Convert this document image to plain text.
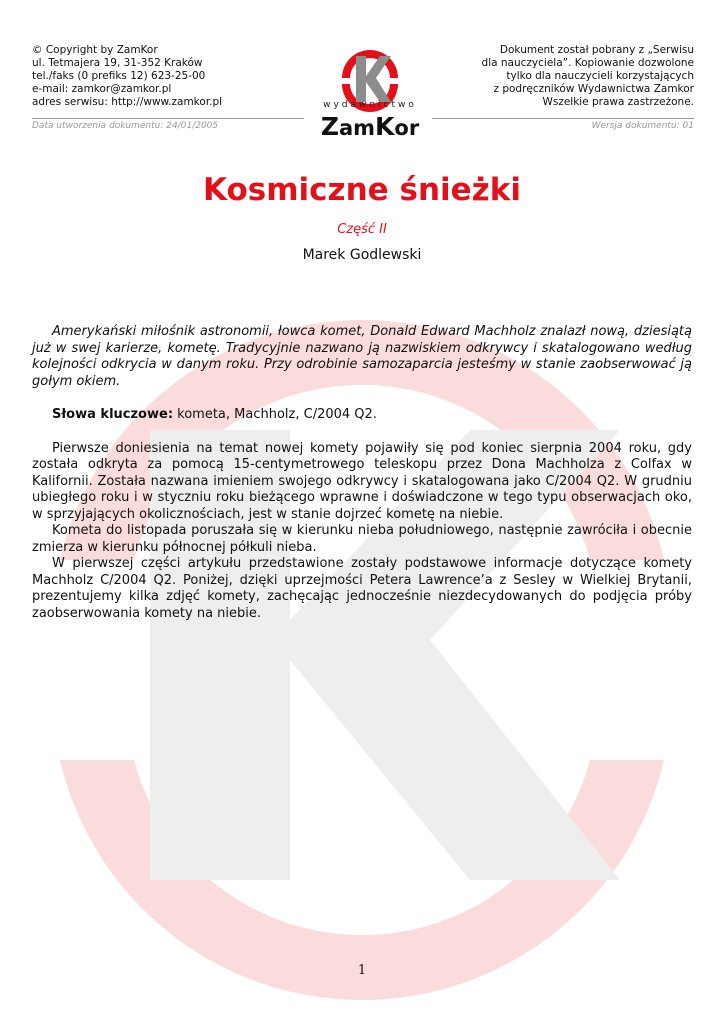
© Copyright by ZamKor
ul. Tetmajera 19, 31-352 Kraków
tel./faks (0 prefiks 12) 623-25-00
e-mail: zamkor@zamkor.pl
adres serwisu: http://www.zamkor.pl	wydawnictwo
ZamKor
Dokument został pobrany z „Serwisu
dla nauczyciela”. Kopiowanie dozwolone
tylko dla nauczycieli korzystających
z podręczników Wydawnictwa Zamkor
Wszelkie prawa zastrzeżone.
Data utworzenia dokumentu: 24/01/2005	Wersja dokumentu: 01
Kosmiczne śnieżki
Część II
Marek Godlewski

Amerykański miłośnik astronomii, łowca komet, Donald Edward Machholz znalazł nową, dziesiątą już w swej karierze, kometę. Tradycyjnie nazwano ją nazwiskiem odkrywcy i skatalogowano według kolejności odkrycia w danym roku. Przy odrobinie samozaparcia jesteśmy w stanie zaobserwować ją gołym okiem.

Słowa kluczowe: kometa, Machholz, C/2004 Q2.

Pierwsze doniesienia na temat nowej komety pojawiły się pod koniec sierpnia 2004 roku, gdy została odkryta za pomocą 15-centymetrowego teleskopu przez Dona Machholza z Colfax w Kalifornii. Została nazwana imieniem swojego odkrywcy i skatalogowana jako C/2004 Q2. W grudniu ubiegłego roku i w styczniu roku bieżącego wprawne i doświadczone w tego typu obserwacjach oko, w sprzyjających okolicznościach, jest w stanie dojrzeć kometę na niebie.

Kometa do listopada poruszała się w kierunku nieba południowego, następnie zawróciła i obecnie zmierza w kierunku północnej półkuli nieba.

W pierwszej części artykułu przedstawione zostały podstawowe informacje dotyczące komety Machholz C/2004 Q2. Poniżej, dzięki uprzejmości Petera Lawrence’a z Sesley w Wielkiej Brytanii, prezentujemy kilka zdjęć komety, zachęcając jednocześnie niezdecydowanych do podjęcia próby zaobserwowania komety na niebie.

1
